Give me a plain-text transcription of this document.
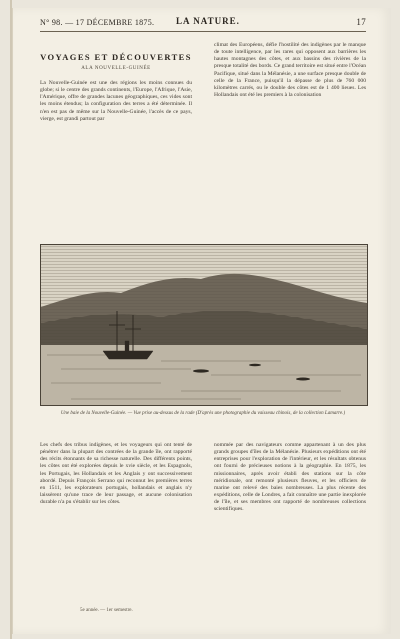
N° 98. — 17 DÉCEMBRE 1875. LA NATURE.	17
VOYAGES ET DÉCOUVERTES
ALA NOUVELLE-GUINÉE
La Nouvelle-Guinée est une des régions les moins connues du globe; si le centre des grands continents, l'Europe, l'Afrique, l'Asie, l'Amérique, offre de grandes lacunes géographiques, ces vides sont les moins étendus; la configuration des terres a été déterminée. Il n'en est pas de même sur la Nouvelle-Guinée, l'accès de ce pays, vierge, est grandi partout par
climat des Européens, défie l'hostilité des indigènes par le manque de toute intelligence, par les rares qui opposent aux barrières les hautes montagnes des côtes, et aux bassins des rivières de la presque totalité des bords. Ce grand territoire est situé entre l'Océan Pacifique, situé dans la Mélanésie, a une surface presque double de celle de la France, puisqu'il la dépasse de plus de 760 000 kilomètres carrés, ou le double des côtes est de 1 400 lieues. Les Hollandais ont été les premiers à la colonisation
Une baie de la Nouvelle-Guinée. — Vue prise au-dessus de la rade (D'après une photographie du vaisseau chinois, de la collection Lamarre.)
Les chefs des tribus indigènes, et les voyageurs qui ont tenté de pénétrer dans la plupart des contrées de la grande île, ont rapporté des récits étonnants de sa richesse naturelle. Des différents points, les côtes ont été explorées depuis le xvie siècle, et les Espagnols, les Portugais, les Hollandais et les Anglais y ont successivement abordé. Depuis François Serrano qui reconnut les premières terres en 1511, les explorateurs portugais, hollandais et anglais n'y laissèrent qu'une trace de leur passage, et aucune colonisation durable n'a pu s'établir sur les côtes.
nommée par des navigateurs comme appartenant à un des plus grands groupes d'îles de la Mélanésie. Plusieurs expéditions ont été entreprises pour l'exploration de l'intérieur, et les résultats obtenus ont fourni de précieuses notions à la géographie. En 1875, les missionnaires, après avoir établi des stations sur la côte méridionale, ont remonté plusieurs fleuves, et les officiers de marine ont relevé des baies nombreuses. La plus récente des expéditions, celle de Londres, a fait connaître une partie inexplorée de l'île, et ses membres ont rapporté de nombreuses collections scientifiques.
5e année. — 1er semestre.
